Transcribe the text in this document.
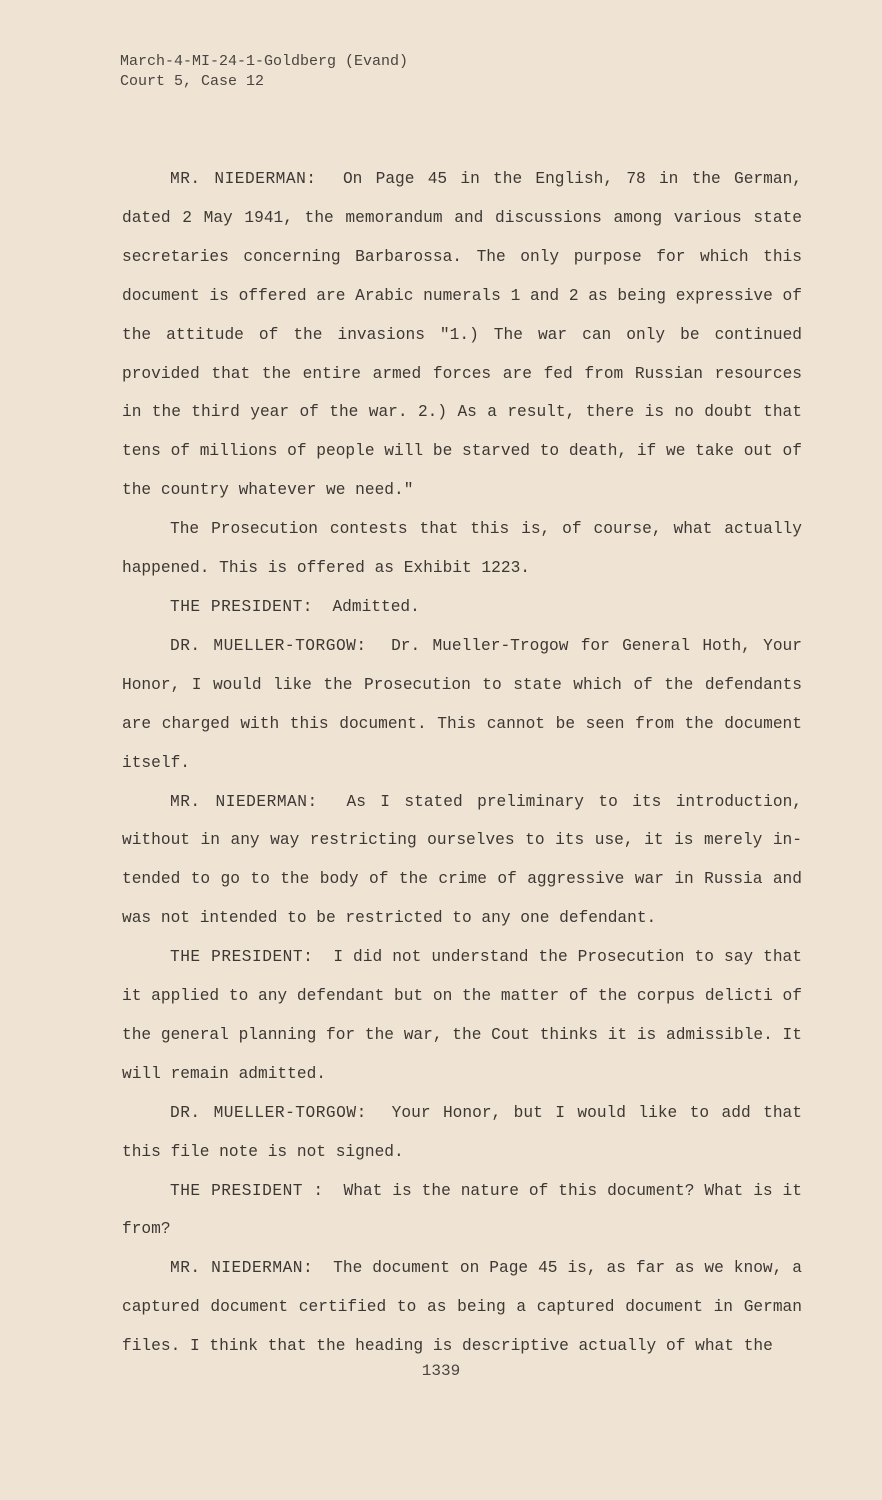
March-4-MI-24-1-Goldberg (Evand)
Court 5, Case 12

MR. NIEDERMAN: On Page 45 in the English, 78 in the German, dated 2 May 1941, the memorandum and discussions among various state secretaries concerning Barbarossa. The only purpose for which this document is offered are Arabic numerals 1 and 2 as being expressive of the attitude of the invasions "1.) The war can only be continued provided that the entire armed forces are fed from Russian resources in the third year of the war. 2.) As a result, there is no doubt that tens of millions of people will be starved to death, if we take out of the country whatever we need."

The Prosecution contests that this is, of course, what actually happened. This is offered as Exhibit 1223.

THE PRESIDENT: Admitted.

DR. MUELLER-TORGOW: Dr. Mueller-Trogow for General Hoth, Your Honor, I would like the Prosecution to state which of the defendants are charged with this document. This cannot be seen from the document itself.

MR. NIEDERMAN: As I stated preliminary to its introduction, without in any way restricting ourselves to its use, it is merely in-tended to go to the body of the crime of aggressive war in Russia and was not intended to be restricted to any one defendant.

THE PRESIDENT: I did not understand the Prosecution to say that it applied to any defendant but on the matter of the corpus delicti of the general planning for the war, the Cout thinks it is admissible. It will remain admitted.

DR. MUELLER-TORGOW: Your Honor, but I would like to add that this file note is not signed.

THE PRESIDENT : What is the nature of this document? What is it from?

MR. NIEDERMAN: The document on Page 45 is, as far as we know, a captured document certified to as being a captured document in German files. I think that the heading is descriptive actually of what the

1339
